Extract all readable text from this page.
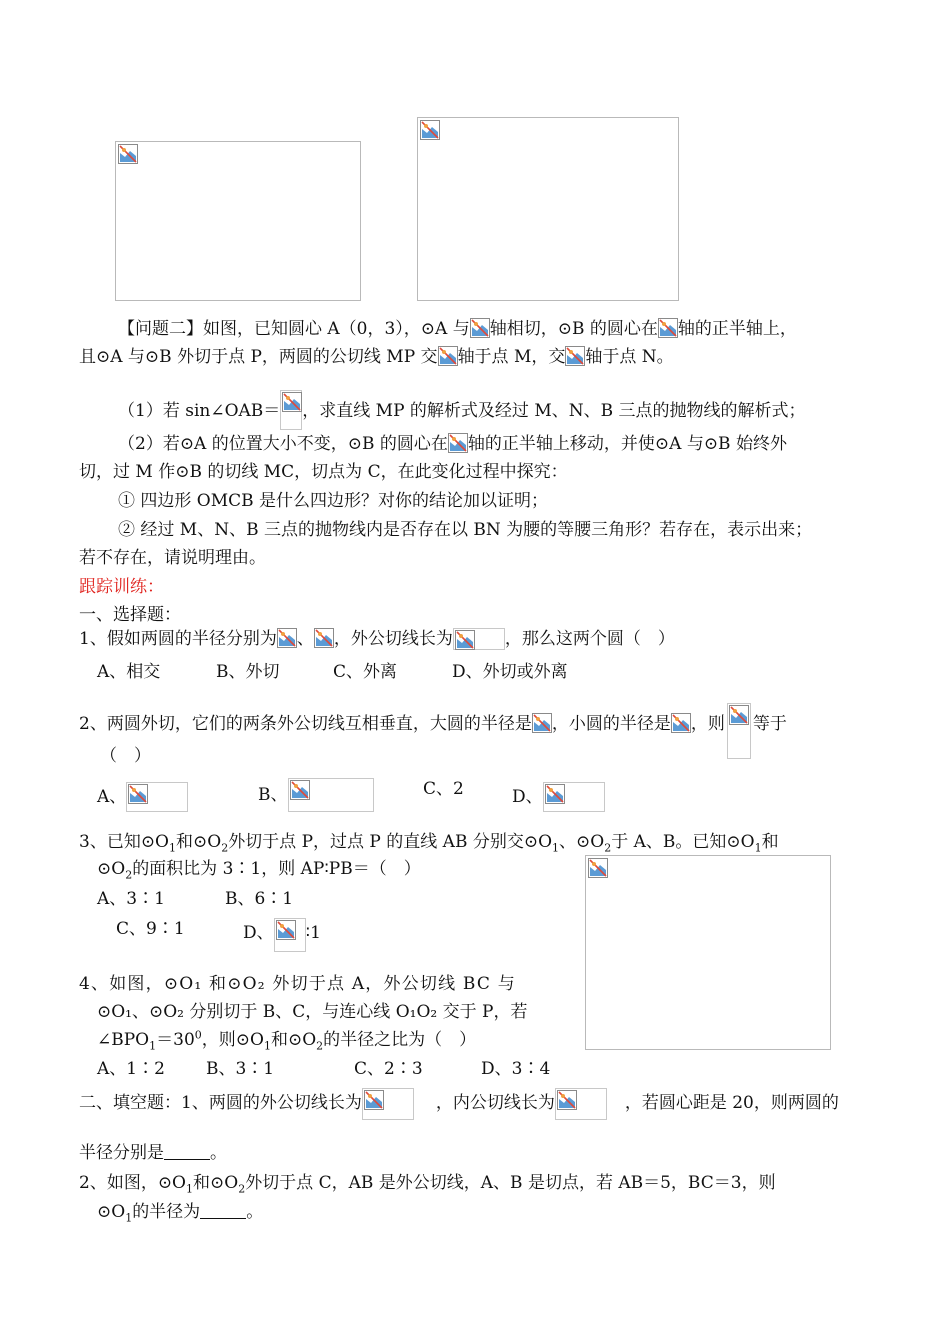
【问题二】如图，已知圆心 A（0，3），⊙A 与 轴相切，⊙B 的圆心在 轴的正半轴上，
且⊙A 与⊙B 外切于点 P，两圆的公切线 MP 交 轴于点 M，交 轴于点 N。
（1）若 sin∠OAB＝ ，求直线 MP 的解析式及经过 M、N、B 三点的抛物线的解析式；
（2）若⊙A 的位置大小不变，⊙B 的圆心在 轴的正半轴上移动，并使⊙A 与⊙B 始终外
切，过 M 作⊙B 的切线 MC，切点为 C，在此变化过程中探究：
① 四边形 OMCB 是什么四边形？对你的结论加以证明；
② 经过 M、N、B 三点的抛物线内是否存在以 BN 为腰的等腰三角形？若存在，表示出来；
若不存在，请说明理由。
跟踪训练：
一、选择题：
1、假如两圆的半径分别为 、 ，外公切线长为	，那么这两个圆（　）
A、相交	B、外切	C、外离	D、外切或外离
2、两圆外切，它们的两条外公切线互相垂直，大圆的半径是 ，小圆的半径是 ，则 等于
（　）
A、	B、	C、2	D、
3、已知$⊙O_1$和$⊙O_2$外切于点 P，过点 P 的直线 AB 分别交$⊙O_1$、$⊙O_2$于 A、B。已知$⊙O_1$和
$⊙O_2$的面积比为 3∶1，则 AP∶PB＝（　）
A、3∶1	B、6∶1
C、9∶1	D、 ∶1
4、如图，⊙O₁ 和⊙O₂ 外切于点 A，外公切线 BC 与
⊙O₁、⊙O₂ 分别切于 B、C，与连心线 O₁O₂ 交于 P，若
$\angle BPO_1=30^0$，则$⊙O_1$和$⊙O_2$的半径之比为（　）
A、1∶2 B、3∶1	C、2∶3	D、3∶4
二、填空题：1、两圆的外公切线长为	，内公切线长为	，若圆心距是 20，则两圆的
半径分别是	。
2、如图，$⊙O_1$和$⊙O_2$外切于点 C，AB 是外公切线，A、B 是切点，若 AB＝5，BC＝3，则
$⊙O_1$的半径为	。
